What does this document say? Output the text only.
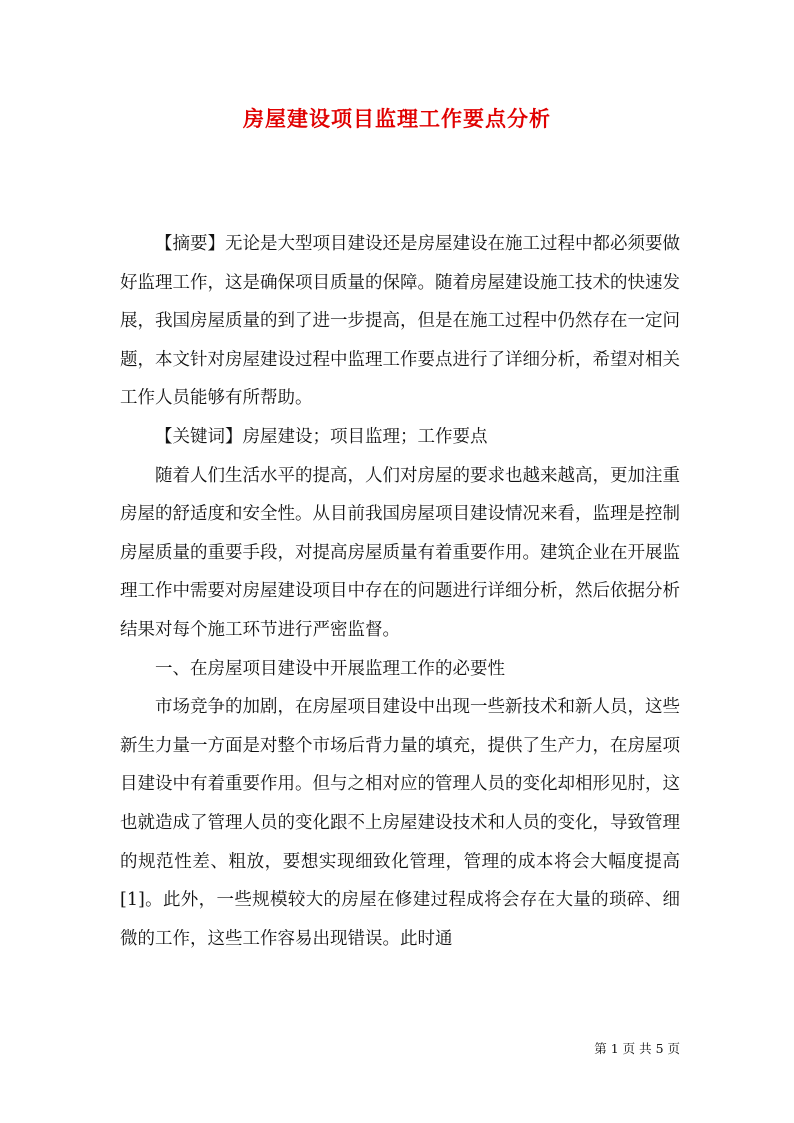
房屋建设项目监理工作要点分析

【摘要】无论是大型项目建设还是房屋建设在施工过程中都必须要做好监理工作，这是确保项目质量的保障。随着房屋建设施工技术的快速发展，我国房屋质量的到了进一步提高，但是在施工过程中仍然存在一定问题，本文针对房屋建设过程中监理工作要点进行了详细分析，希望对相关工作人员能够有所帮助。

【关键词】房屋建设；项目监理；工作要点

随着人们生活水平的提高，人们对房屋的要求也越来越高，更加注重房屋的舒适度和安全性。从目前我国房屋项目建设情况来看，监理是控制房屋质量的重要手段，对提高房屋质量有着重要作用。建筑企业在开展监理工作中需要对房屋建设项目中存在的问题进行详细分析，然后依据分析结果对每个施工环节进行严密监督。

一、在房屋项目建设中开展监理工作的必要性

市场竞争的加剧，在房屋项目建设中出现一些新技术和新人员，这些新生力量一方面是对整个市场后背力量的填充，提供了生产力，在房屋项目建设中有着重要作用。但与之相对应的管理人员的变化却相形见肘，这也就造成了管理人员的变化跟不上房屋建设技术和人员的变化，导致管理的规范性差、粗放，要想实现细致化管理，管理的成本将会大幅度提高[1]。此外，一些规模较大的房屋在修建过程成将会存在大量的琐碎、细微的工作，这些工作容易出现错误。此时通

第 1 页 共 5 页
